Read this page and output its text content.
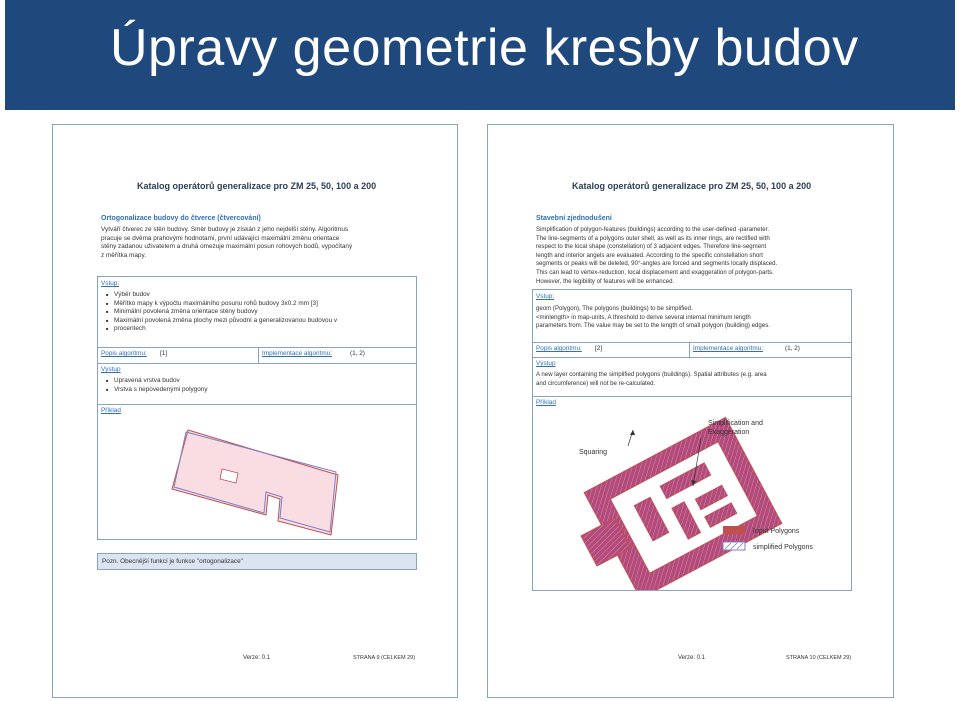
Úpravy geometrie kresby budov
Katalog operátorů generalizace pro ZM 25, 50, 100 a 200
Ortogonalizace budovy do čtverce (čtvercování)
Vytváří čtverec ze stěn budovy. Směr budovy je získán z jeho nejdelší stěny. Algoritmus
pracuje se dvěma prahovými hodnotami, první udávající maximální změnu orientace
stěny zadanou uživatelem a druhá omezuje maximální posun rohových bodů, vypočítaný
z měřítka mapy.
Vstup:
■ Výběr budov
■ Měřítko mapy k výpočtu maximálního posunu rohů budovy 3x0.2 mm [3]
■ Minimální povolená změna orientace stěny budovy
■ Maximální povolená změna plochy mezi původní a generalizovanou budovou v
■ procentech
Popis algoritmu: [1]	Implementace algoritmu:	(1, 2)
Výstup
■ Upravená vrstva budov
■ Vrstva s nepovedenými polygony
Příklad
Pozn. Obecnější funkcí je funkce "ortogonalizace"
Verze: 0.1	STRANA 9 (CELKEM 29)
Katalog operátorů generalizace pro ZM 25, 50, 100 a 200
Stavební zjednodušení
Simplification of polygon-features (buildings) according to the user-defined -parameter.
The line-segments of a polygons outer shell, as well as its inner rings, are rectified with
respect to the local shape (constellation) of 3 adjacent edges. Therefore line-segment
length and interior angels are evaluated. According to the specific constellation short
segments or peaks will be deleted, 90°-angles are forced and segments locally displaced.
This can lead to vertex-reduction, local displacement and exaggeration of polygon-parts.
However, the legibility of features will be enhanced.
Vstup:
geom (Polygon), The polygons (buildings) to be simplified.
<minlength> in map-units, A threshold to derive several internal minimum length
parameters from. The value may be set to the length of small polygon (building) edges.
Popis algoritmu: [2]	Implementace algoritmu:	(1, 2)
Výstup
A new layer containing the simplified polygons (buildings). Spatial attributes (e.g. area
and circumference) will not be re-calculated.
Příklad
Squaring
Simplification and
Exaggeration
Input Polygons
simplified Polygons
Verze: 0.1	STRANA 10 (CELKEM 29)
